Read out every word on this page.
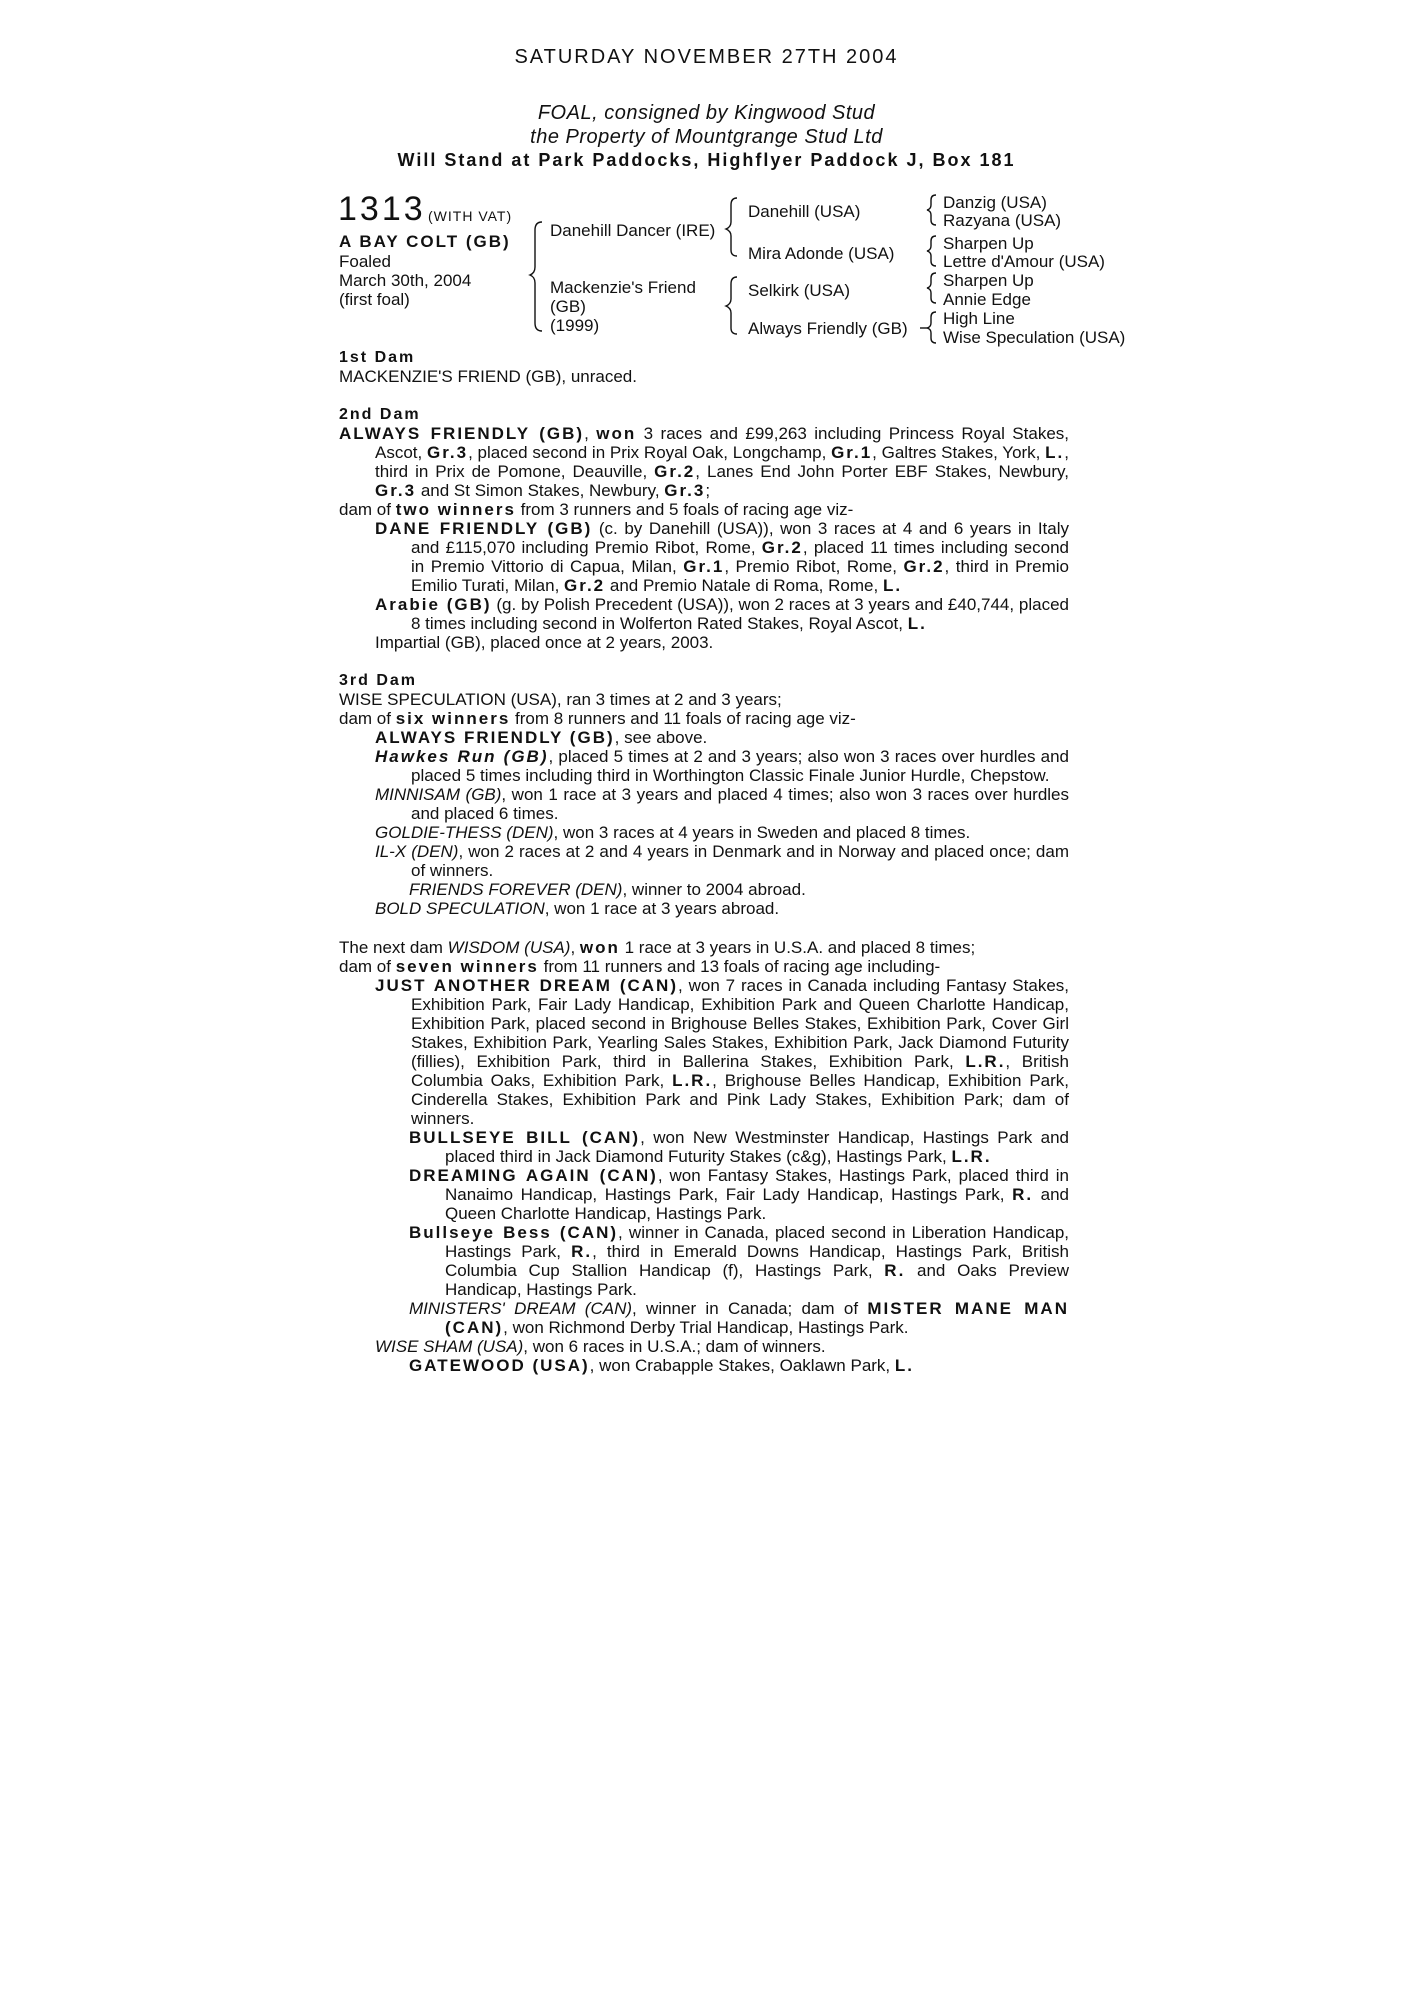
SATURDAY NOVEMBER 27TH 2004
FOAL, consigned by Kingwood Stud
the Property of Mountgrange Stud Ltd
Will Stand at Park Paddocks, Highflyer Paddock J, Box 181
1313 (WITH VAT)
A BAY COLT (GB)
Foaled
March 30th, 2004
(first foal)
Danehill Dancer (IRE)
Mackenzie's Friend
(GB)
(1999)
Danehill (USA)
Mira Adonde (USA)
Selkirk (USA)
Always Friendly (GB)
Danzig (USA)
Razyana (USA)
Sharpen Up
Lettre d'Amour (USA)
Sharpen Up
Annie Edge
High Line
Wise Speculation (USA)
1st Dam
MACKENZIE'S FRIEND (GB), unraced.
2nd Dam
ALWAYS FRIENDLY (GB), won 3 races and £99,263 including Princess Royal Stakes, Ascot, Gr.3, placed second in Prix Royal Oak, Longchamp, Gr.1, Galtres Stakes, York, L., third in Prix de Pomone, Deauville, Gr.2, Lanes End John Porter EBF Stakes, Newbury, Gr.3 and St Simon Stakes, Newbury, Gr.3;
dam of two winners from 3 runners and 5 foals of racing age viz-
DANE FRIENDLY (GB) (c. by Danehill (USA)), won 3 races at 4 and 6 years in Italy and £115,070 including Premio Ribot, Rome, Gr.2, placed 11 times including second in Premio Vittorio di Capua, Milan, Gr.1, Premio Ribot, Rome, Gr.2, third in Premio Emilio Turati, Milan, Gr.2 and Premio Natale di Roma, Rome, L.
Arabie (GB) (g. by Polish Precedent (USA)), won 2 races at 3 years and £40,744, placed 8 times including second in Wolferton Rated Stakes, Royal Ascot, L.
Impartial (GB), placed once at 2 years, 2003.
3rd Dam
WISE SPECULATION (USA), ran 3 times at 2 and 3 years;
dam of six winners from 8 runners and 11 foals of racing age viz-
ALWAYS FRIENDLY (GB), see above.
Hawkes Run (GB), placed 5 times at 2 and 3 years; also won 3 races over hurdles and placed 5 times including third in Worthington Classic Finale Junior Hurdle, Chepstow.
MINNISAM (GB), won 1 race at 3 years and placed 4 times; also won 3 races over hurdles and placed 6 times.
GOLDIE-THESS (DEN), won 3 races at 4 years in Sweden and placed 8 times.
IL-X (DEN), won 2 races at 2 and 4 years in Denmark and in Norway and placed once; dam of winners.
FRIENDS FOREVER (DEN), winner to 2004 abroad.
BOLD SPECULATION, won 1 race at 3 years abroad.
The next dam WISDOM (USA), won 1 race at 3 years in U.S.A. and placed 8 times;
dam of seven winners from 11 runners and 13 foals of racing age including-
JUST ANOTHER DREAM (CAN), won 7 races in Canada including Fantasy Stakes, Exhibition Park, Fair Lady Handicap, Exhibition Park and Queen Charlotte Handicap, Exhibition Park, placed second in Brighouse Belles Stakes, Exhibition Park, Cover Girl Stakes, Exhibition Park, Yearling Sales Stakes, Exhibition Park, Jack Diamond Futurity (fillies), Exhibition Park, third in Ballerina Stakes, Exhibition Park, L.R., British Columbia Oaks, Exhibition Park, L.R., Brighouse Belles Handicap, Exhibition Park, Cinderella Stakes, Exhibition Park and Pink Lady Stakes, Exhibition Park; dam of winners.
BULLSEYE BILL (CAN), won New Westminster Handicap, Hastings Park and placed third in Jack Diamond Futurity Stakes (c&g), Hastings Park, L.R.
DREAMING AGAIN (CAN), won Fantasy Stakes, Hastings Park, placed third in Nanaimo Handicap, Hastings Park, Fair Lady Handicap, Hastings Park, R. and Queen Charlotte Handicap, Hastings Park.
Bullseye Bess (CAN), winner in Canada, placed second in Liberation Handicap, Hastings Park, R., third in Emerald Downs Handicap, Hastings Park, British Columbia Cup Stallion Handicap (f), Hastings Park, R. and Oaks Preview Handicap, Hastings Park.
MINISTERS' DREAM (CAN), winner in Canada; dam of MISTER MANE MAN (CAN), won Richmond Derby Trial Handicap, Hastings Park.
WISE SHAM (USA), won 6 races in U.S.A.; dam of winners.
GATEWOOD (USA), won Crabapple Stakes, Oaklawn Park, L.
